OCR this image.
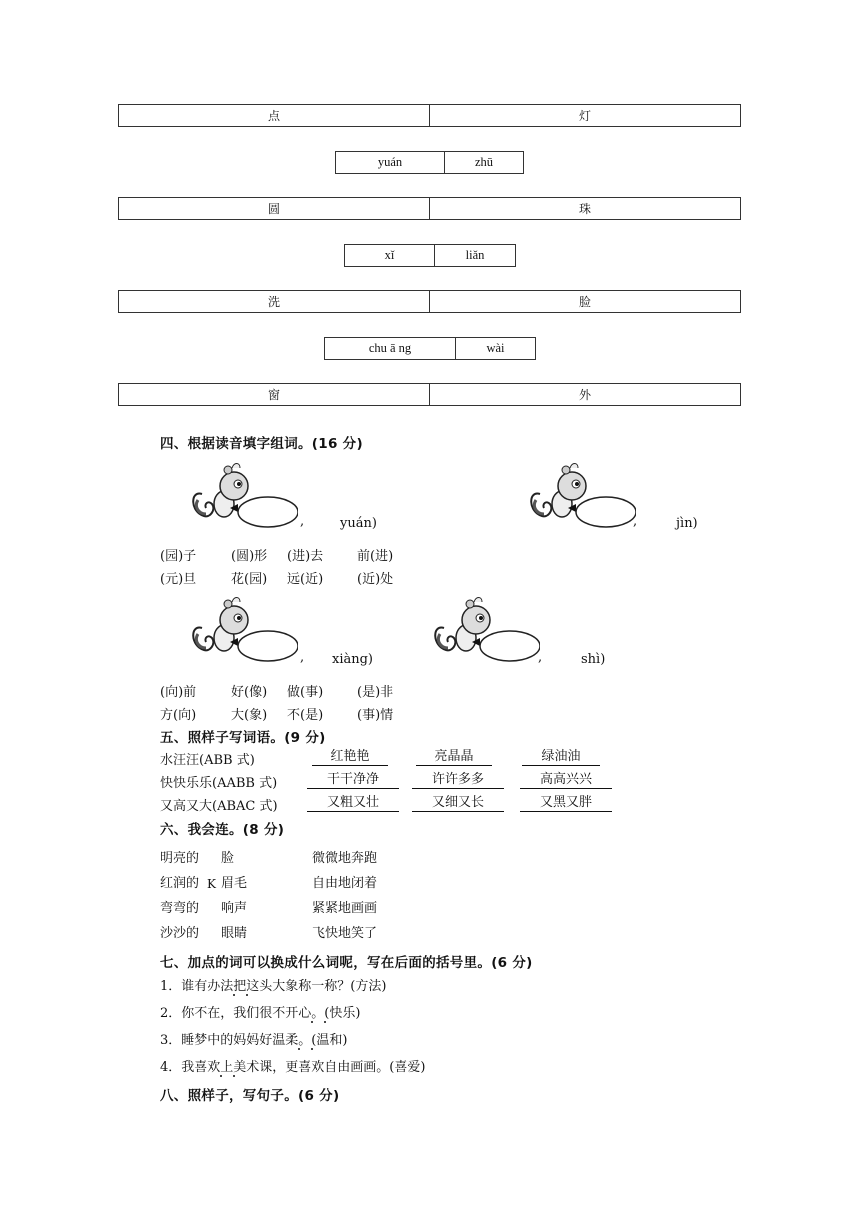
点	灯
yuán	zhū
圆	珠
xǐ	liǎn
洗	脸
chu ā ng	wài
窗	外
四、根据读音填字组词。(16 分)
,	yuán)	,	jìn)
(园)子	(圆)形 (进)去	前(进)
(元)旦	花(园) 远(近)	(近)处
, xiàng)	,	shì)
(向)前	好(像) 做(事)	(是)非
方(向)	大(象) 不(是)	(事)情
五、照样子写词语。(9 分)
水汪汪(ABB 式)	红艳艳	亮晶晶	绿油油
快快乐乐(AABB 式)	干干净净	许许多多	高高兴兴
又高又大(ABAC 式)	又粗又壮	又细又长	又黑又胖
六、我会连。(8 分)
明亮的 脸	微微地奔跑
红润的 K 眉毛	自由地闭着
弯弯的 响声	紧紧地画画
沙沙的 眼睛	飞快地笑了
七、加点的词可以换成什么词呢，写在后面的括号里。(6 分)
1．谁有办法把这头大象称一称？(方法)
2．你不在，我们很不开心。(快乐)
3．睡梦中的妈妈好温柔。(温和)
4．我喜欢上美术课，更喜欢自由画画。(喜爱)
八、照样子，写句子。(6 分)
